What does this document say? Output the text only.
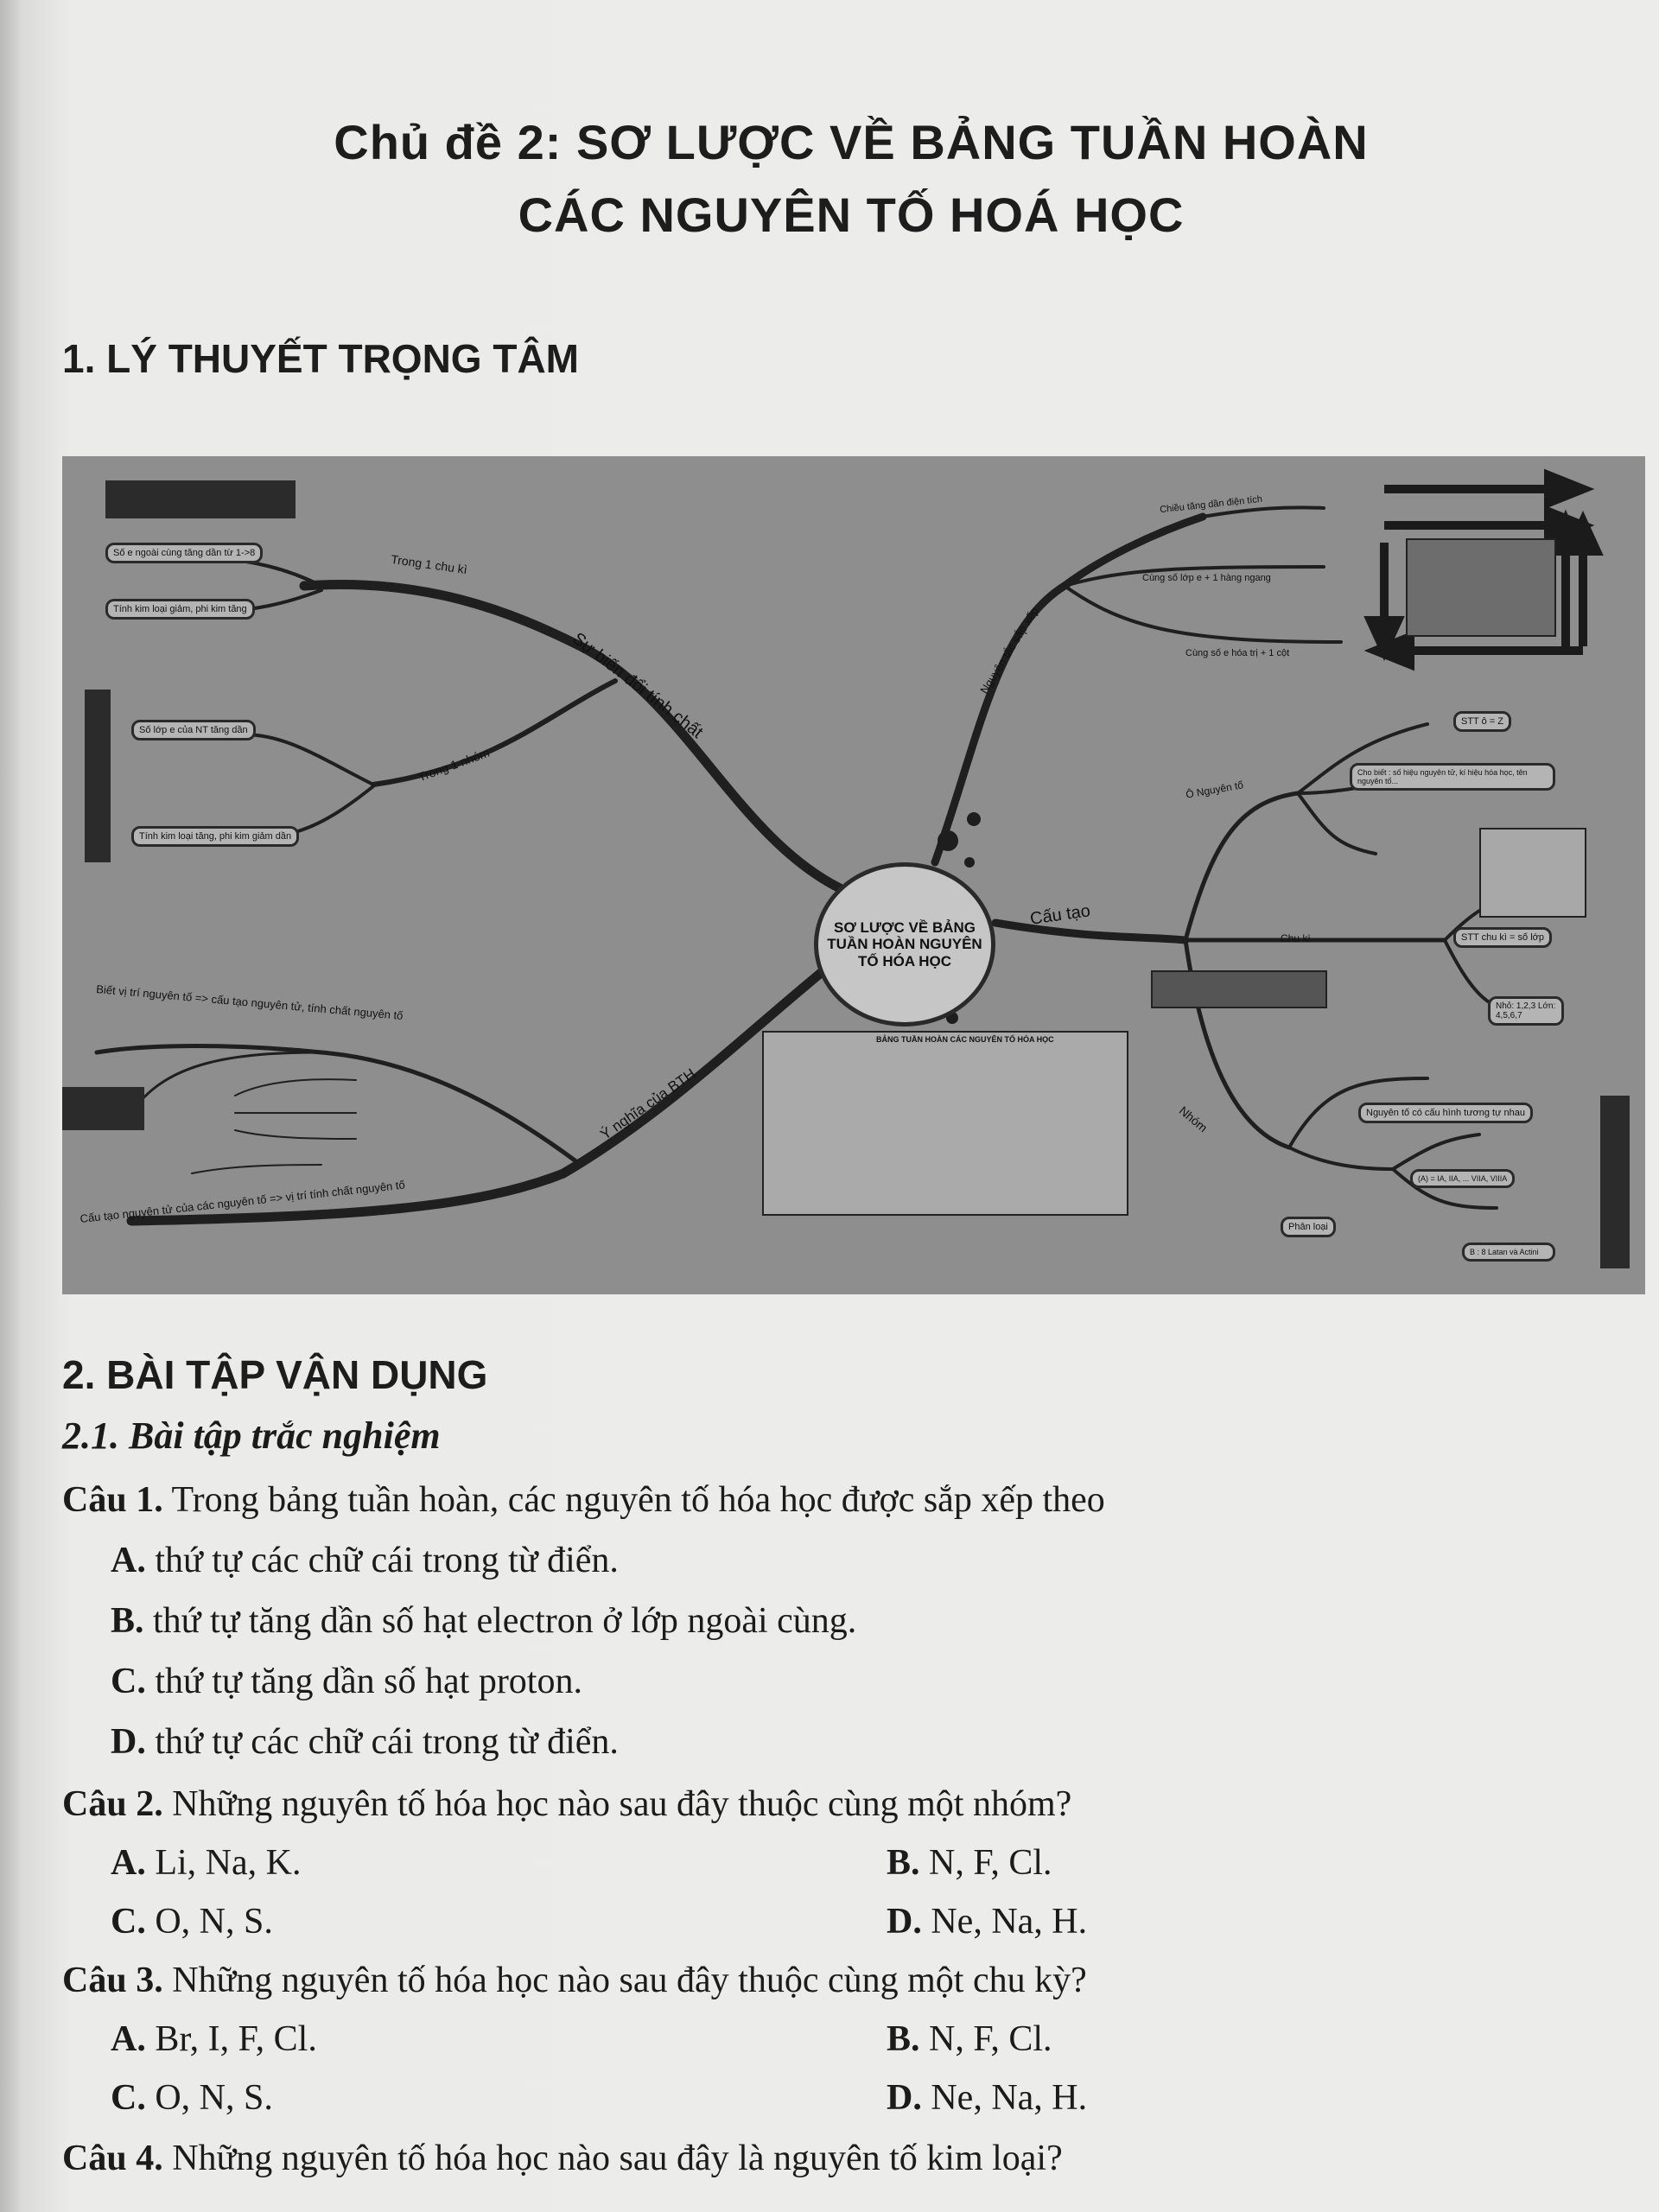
Chủ đề 2: SƠ LƯỢC VỀ BẢNG TUẦN HOÀN
CÁC NGUYÊN TỐ HOÁ HỌC
1. LÝ THUYẾT TRỌNG TÂM
BẢNG TUẦN HOÀN CÁC NGUYÊN TỐ HÓA HỌC
SƠ LƯỢC VỀ BẢNG TUẦN HOÀN NGUYÊN TỐ HÓA HỌC
Sự biến đổi tính chất
Trong 1 chu kì
Số e ngoài cùng tăng dần từ 1->8
Tính kim loại giảm, phi kim tăng
Trong 1 nhóm
Số lớp e của NT tăng dần
Tính kim loại tăng, phi kim giảm dần
Nguyên tắc sắp xếp
Chiều tăng dần điện tích
Cùng số lớp e + 1 hàng ngang
Cùng số e hóa trị + 1 cột
Cấu tạo
Ô Nguyên tố
STT ô = Z
Cho biết : số hiệu nguyên tử, kí hiệu hóa học, tên nguyên tố...
Chu kì	STT chu kì = số lớp
Nhỏ: 1,2,3 Lớn: 4,5,6,7
Nhóm	Nguyên tố có cấu hình tương tự nhau
Phân loại
(A) = IA, IIA, ... VIIA, VIIIA
B : 8 Latan và Actini
Ý nghĩa của BTH
Biết vị trí nguyên tố => cấu tạo nguyên tử, tính chất nguyên tố
Cấu tạo nguyên tử của các nguyên tố => vị trí tính chất nguyên tố
2. BÀI TẬP VẬN DỤNG
2.1. Bài tập trắc nghiệm
Câu 1. Trong bảng tuần hoàn, các nguyên tố hóa học được sắp xếp theo
A. thứ tự các chữ cái trong từ điển.
B. thứ tự tăng dần số hạt electron ở lớp ngoài cùng.
C. thứ tự tăng dần số hạt proton.
D. thứ tự các chữ cái trong từ điển.
Câu 2. Những nguyên tố hóa học nào sau đây thuộc cùng một nhóm?
A. Li, Na, K.	B. N, F, Cl.
C. O, N, S.	D. Ne, Na, H.
Câu 3. Những nguyên tố hóa học nào sau đây thuộc cùng một chu kỳ?
A. Br, I, F, Cl.	B. N, F, Cl.
C. O, N, S.	D. Ne, Na, H.
Câu 4. Những nguyên tố hóa học nào sau đây là nguyên tố kim loại?
